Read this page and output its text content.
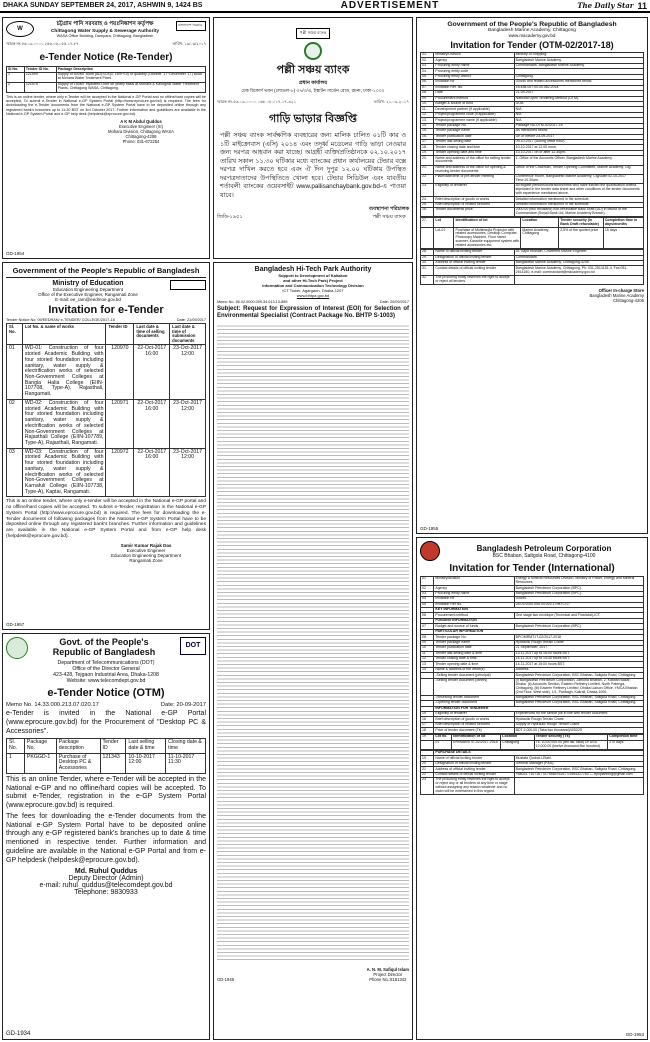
DHAKA SUNDAY SEPTEMBER 24, 2017, ASHWIN 9, 1424 BS	ADVERTISEMENT	The Daily Star 11
W
চট্টগ্রাম পানি সরবরাহ ও পয়ঃনিষ্কাশন কর্তৃপক্ষ
Chittagong Water Supply & Sewerage Authority
WASA Office Building, Dampara, Chittagong, Bangladesh
বাংলাদেশ সরকার
স্মারক নং-৪৬.০৯.০০০০.২৫৬.০৬.০৫৫.১৭-৮৭	তারিখ: ১৯/০৯/২০১৭
e-Tender Notice (Re-Tender)
Sl No.	Tender ID No.	Package Description
1	121599	Supply of 500MT Alum (Al2(SO4)3, 16%+Ol) or quantity (October '17~December '17) stock at Mohara Water Treatment Plant.
2	121575	Supply of 150MT Hydrated Lime on yearly basis at Mohara & Kalurghat Water Treatment Plants, Chittagong WASA, Chittagong.
This is an online tender, where only e-Tender will be accepted in the National e-GP Portal and no offline/hard copies will be accepted. To submit e-Tender in National e-GP System Portal (http://www.eprocure.gov.bd) is required. The fees for downloading the e-Tender documents from the National e-GP System Portal have to be deposited online through any registered bank's branches up to 11:30 BST on 3rd October 2017. Further information and guidelines are available in the National e-GP System Portal and e-GP help desk (helpdesk@eprocure.gov.bd).
A K M Abdul Quddus
Executive Engineer (XI)
Mohara Division, Chittagong WASA
Chittagong-4206
Phone: 031-672254
GD-1954
পল্লী সঞ্চয় ব্যাংক
পল্লী সঞ্চয় ব্যাংক
প্রধান কার্যালয়
চেক রিকোর্স ভবন (লেভেল-৮) ৩৭/৩/এ, ইস্কাটন গার্ডেন রোড, রমনা, ঢাকা-১০০০
স্মারক নং-৫৩.০৯.০০০০.০৬৮.০৮.০১৭.১৭-৩২১	তারিখ: ২১.০৯.২০১৭
গাড়ি ভাড়ার বিজ্ঞপ্তি
পল্লী সঞ্চয় ব্যাংক সার্বক্ষণিক ব্যবহারের জন্য মালিক চালিত ০১টি কার ও ১টি মাইক্রোবাস (এসি) ২০১৪ এবং তদূর্ধ্ব মডেলের গাড়ি ভাড়া নেওয়ার জন্য দরপত্র আহবান করা যাচ্ছে। আগ্রহী ব্যক্তি/প্রতিষ্ঠানকে ০২.১০.২০১৭ তারিখ সকাল ১১.৩০ ঘটিকার মধ্যে ব্যাংকের প্রধান কার্যালয়ের টেন্ডার বক্সে দরপত্র দাখিল করতে হবে এবং ঐ দিন দুপুর ১২.০০ ঘটিকায় উপস্থিত দরপত্রদাতাদের উপস্থিতিতে খোলা হবে। টেন্ডার সিডিউল এবং যাবতীয় শর্তাবলী ব্যাংকের ওয়েবসাইট www.pallisanchaybank.gov.bd-এ পাওয়া যাবে।
জিডি-১৯৫১
ব্যবস্থাপনা পরিচালক
পল্লী সঞ্চয় ব্যাংক
Government of the People's Republic of Bangladesh
Ministry of Education
Education Engineering Department
Office of the Executive Engineer, Rangamati Zone
E-mail: ee_ram@eedmoe.gov.bd
Invitation for e-Tender
Tender Notice No: 09/EEDRAN/ e-TENDER/ COLLEGE/2017-18	Date: 21/09/2017
Sl. No.	Lot No. & name of works	Tender ID	Last date & time of selling documents	Last date & time of submission documents
01	WD-01: Construction of four storied Academic Building with four storied foundation including sanitary, water supply & electrification works of selected Non-Government Colleges at Bangla Halia College (EIIN-107708, Type-A), Rajasthali, Rangamati.	120970	22-Oct-2017 16:00	23-Oct-2017 12:00
02	WD-02: Construction of four storied Academic Building with four storied foundation including sanitary, water supply & electrification works of selected Non-Government Colleges at Rajasthali College (EIIN-107789, Type-A), Rajasthali, Rangamati.	120971	22-Oct-2017 16:00	23-Oct-2017 12:00
03	WD-03: Construction of four storied Academic Building with four storied foundation including sanitary, water supply & electrification works of selected Non-Government Colleges at Karnafuli College (EIIN-107738, Type-A), Kaptai, Rangamati.	120972	22-Oct-2017 16:00	23-Oct-2017 12:00
This is an online tender, where only e-tender will be accepted in the National e-GP portal and no offline/hard copies will be accepted. To submit e-Tender, registration in the National e-GP System Portal (http://www.eprocure.gov.bd) is required. The fees for downloading the e-Tender documents of following packages from the National e-GP System Portal have to be deposited online through any registered bank's branches. Further information and guidelines are available in the National e-GP System Portal and from e-GP help desk (helpdesk@eprocure.gov.bd).
Samir Kumar Rajak Das
Executive Engineer
Education Engineering Department
Rangamati Zone
GD-1957
Bangladesh Hi-Tech Park Authority
Support to Development of Kaliakoir
and other Hi-Tech Park) Project
Information and Communication Technology Division
ICT Tower, Agargaon, Dhaka-1207
www.bhtpa.gov.bd
Memo No. 56.02.0000.009.34.013.13-889	Date: 20/09/2017
Subject: Request for Expression of Interest (EOI) for Selection of Environmental Specialist (Contract Package No. BHTP S-1003)
GD-1949
A. N. M. Safiqul Islam
Project Director
Phone No.:8181342
Govt. of the People's
Republic of Bangladesh
DOT
Department of Telecommunications (DOT)
Office of the Director General
423-428, Tejgaon Industrial Area, Dhaka-1208
Website: www.telecomdept.gov.bd
e-Tender Notice (OTM)
Memo No. 14.33.000.213.07.020.17	Date: 20-09-2017
e-Tender is invited in the National e-GP Portal (www.eprocure.gov.bd) for the Procurement of "Desktop PC & Accessories".
Sl. No.	Package No.	Package description	Tender ID	Last selling date & time	Closing date & time
1	PKGGD-1	Purchase of Desktop PC & Accessories	121343	10-10-2017 12:00	11-10-2017 11:30
This is an online Tender, where e-Tender will be accepted in the National e-GP and no offline/hard copies will be accepted. To submit e-Tender, registration in the e-GP System Portal (www.eprocure.gov.bd) is required.
The fees for downloading the e-Tender documents from the National e-GP System Portal have to be deposited online through any e-GP registered bank's branches up to date & time mentioned in respective tender. Further information and guideline are available in the National e-GP Portal and from e-GP helpdesk (helpdesk@eprocure.gov.bd).
Md. Ruhul Quddus
Deputy Director (Admin)
e-mail: ruhul_quddus@telecomdept.gov.bd
Telephone: 9830933
GD-1934
Government of the People's Republic of Bangladesh
Bangladesh Marine Academy, Chittagong
www.macademy.gov.bd
Invitation for Tender (OTM-02/2017-18)
01.	Ministry/Division	Ministry of Shipping.
02.	Agency	Bangladesh Marine Academy.
03.	Procuring entity name	Commandant, Bangladesh Marine Academy.
04.	Procuring entity code	
05.	Procuring entity district	Chittagong.
06.	Invitation for	Goods and related accessories mentioned below.
07.	Invitation Ref. No.	18.458.007.00.00.082.2014
08.	Date	21-09-2017
09.	Procurement method	National Open Tendering Method (OTM).
10.	Budget & source of fund	GOB
11.	Development partner (if applicable)	N/A
12.	Project/programme code (if applicable)	N/A
13.	Project/programme name (if applicable)	N/A
14.	Tender package No.	Package No-OTM-02/2017-18
15.	Tender package name	As mentioned below.
16.	Tender publication date	On or before 24-09-2017
17.	Tender last selling date	09-10-2017 (During office hour).
18.	Tender closing date and time	10-10-2017 at 12.00 noon.
19.	Tender opening date and time	10-10-2017 on or after 12.30pm.
20.	Name and address of the office for selling tender documents	1. Office of the Accounts Officer, Bangladesh Marine Academy.
21.	Name and address of the office for opening & receiving tender documents	Office of the Chairman, Tender Opening Committee, Marine Academy, Ctg.
22.	Place/date/time of pre-tender meeting	Conference Room, Bangladesh Marine Academy, Ctg/Date:02-10-2017 Time:10.30am.
23.	Eligibility of tenderer	All eligible persons/contractors/firms who have fulfilled the qualification criteria stipulated in the tender data sheet and other conditions of the tender documents with experience mentioned above.
24.	Brief description of goods or works	Detailed information mentioned in the schedule.
25.	Brief description of related services	Detailed information mentioned in the schedule.
26.	Tender documents price	2000.00 (two thousand) non-refundable Bank Draft (DD) in favour of the Commandant (Sonali Bank Ltd, Marine Academy Branch).
27.	Lot	Identification of lot	Location	Tender security (in Bank Draft refundable)	Completion time in days/months
	Lot-01	Purchase of Multimedia Projector with related accessories, Desktop Computer, Photocopy Machine, Floor stand scanner, Karaoke equipment system with related accessories etc.	Marine Academy, Chittagong	2.5% of the quoted price	15 days
28.	Name of official inviting tender	Dr. Sajid Hussain, Chartered Marine Engineer.
29.	Designation of official inviting tender	Commandant.
30.	Address of official inviting tender	Bangladesh Marine Academy, Chittagong-4206.
31.	Contact details of official inviting tender	Bangladesh Marine Academy, Chittagong, Ph: 031-2514151-4, Fax:031-2514180, e-mail: commandant@macademy.gov.bd
32.	The procuring entity reserves the right to accept or reject all tenders.	
Officer In-charge Store
Bangladesh Marine Academy
Chittagong-4206
GD-1955
Bangladesh Petroleum Corporation
BSC Bhaban, Saltgola Road, Chittagong-4100
Invitation for Tender (International)
01	Ministry/division	Energy & Mineral Resources Division, Ministry of Power, Energy and Mineral Resources.
02	Agency	Bangladesh Petroleum Corporation (BPC).
03	Procuring entity name	Bangladesh Petroleum Corporation (BPC).
04	Invitation for	Goods.
05	Invitation Ref No.	28.03.0000.055.04.002.17/etTC/17
	KEY INFORMATION	
06	Procurement method	One stage two envelope (Technical and Financial)-ICT.
	FUNDING INFORMATION	
07	Budget and source of funds	Bangladesh Petroleum Corporation (BPC).
	PARTICULAR INFORMATION	
08	Tender package No.	BPC/MRMT-IT-02/2017-2018
09	Tender package name	Hydraulic Rough Terrain Crane.
10	Tender publication date	21 September, 2017
11	Tender last selling date & time	13-11-2017 up to 16:00 hours BST.
12	Tender closing date & time	14-11-2017 up to 14:30 hours BST.
13	Tender opening date & time	14-11-2017 at 15:00 hours BST.
14	Name & address of the office(s)	Address
	-Selling tender document (principal)	Bangladesh Petroleum Corporation, BSC Bhaban, Saltgola Road, Chittagong.
	-Selling tender document (others)	(i) Bangladesh Petroleum Corporation, Jamuna Bhaban, 2, Karwan Bazar, Dhaka. (ii) Accounts Section, Eastern Refinery Limited, North Patenga, Chittagong. (iii) Eastern Refinery Limited, Dhaka Liaison Office, YMCA Bhaban (2nd Floor, West side), 1/1, Paribagh, Kakrail, Dhaka-1000.
	-Receiving tender document	Bangladesh Petroleum Corporation, BSC Bhaban, Saltgola Road, Chittagong.
	-Opening tender document	Bangladesh Petroleum Corporation, BSC Bhaban, Saltgola Road, Chittagong.
	INFORMATION FOR TENDERER	
15	Eligibility of tenderer	Experienced for the similar job in line with tender document.
16	Brief description of goods or works	Hydraulic Rough Terrain Crane.
17	Brief description of related services	Supply of Hydraulic Rough Terrain Crane.
18	Price of tender document (Tk)	BDT 2,000.00 (Taka two thousand)/USD25
19	Lot no.	Identification of lot	Location	Tender security (Tk)	Completion time
	01	ERI/MAINT/IT-02/2017-2018	Chittagong	Tk. 10,00,000.00 (ten lac Taka) Or USD 12,000.00 (twelve thousand five hundred)	270 days
	PURCHASE DETAILS	
19	Name of official inviting tender	Mustafa Qudrat-I-Elahi.
20	Designation of official inviting tender	General Manager (P&D).
21	Address of official inviting tender	Bangladesh Petroleum Corporation, BSC Bhaban, Saltgola Road, Chittagong.
22	Contact details of official inviting tender	+88031 710716 / 01755657626 / 01554317763 — bpcplanning@gmail.com
23	The procuring entity reserves the right to accept or reject any or all tenders at any time or stage without assigning any reason whatever and no claim will be entertained in this regard.	
GD-1953
